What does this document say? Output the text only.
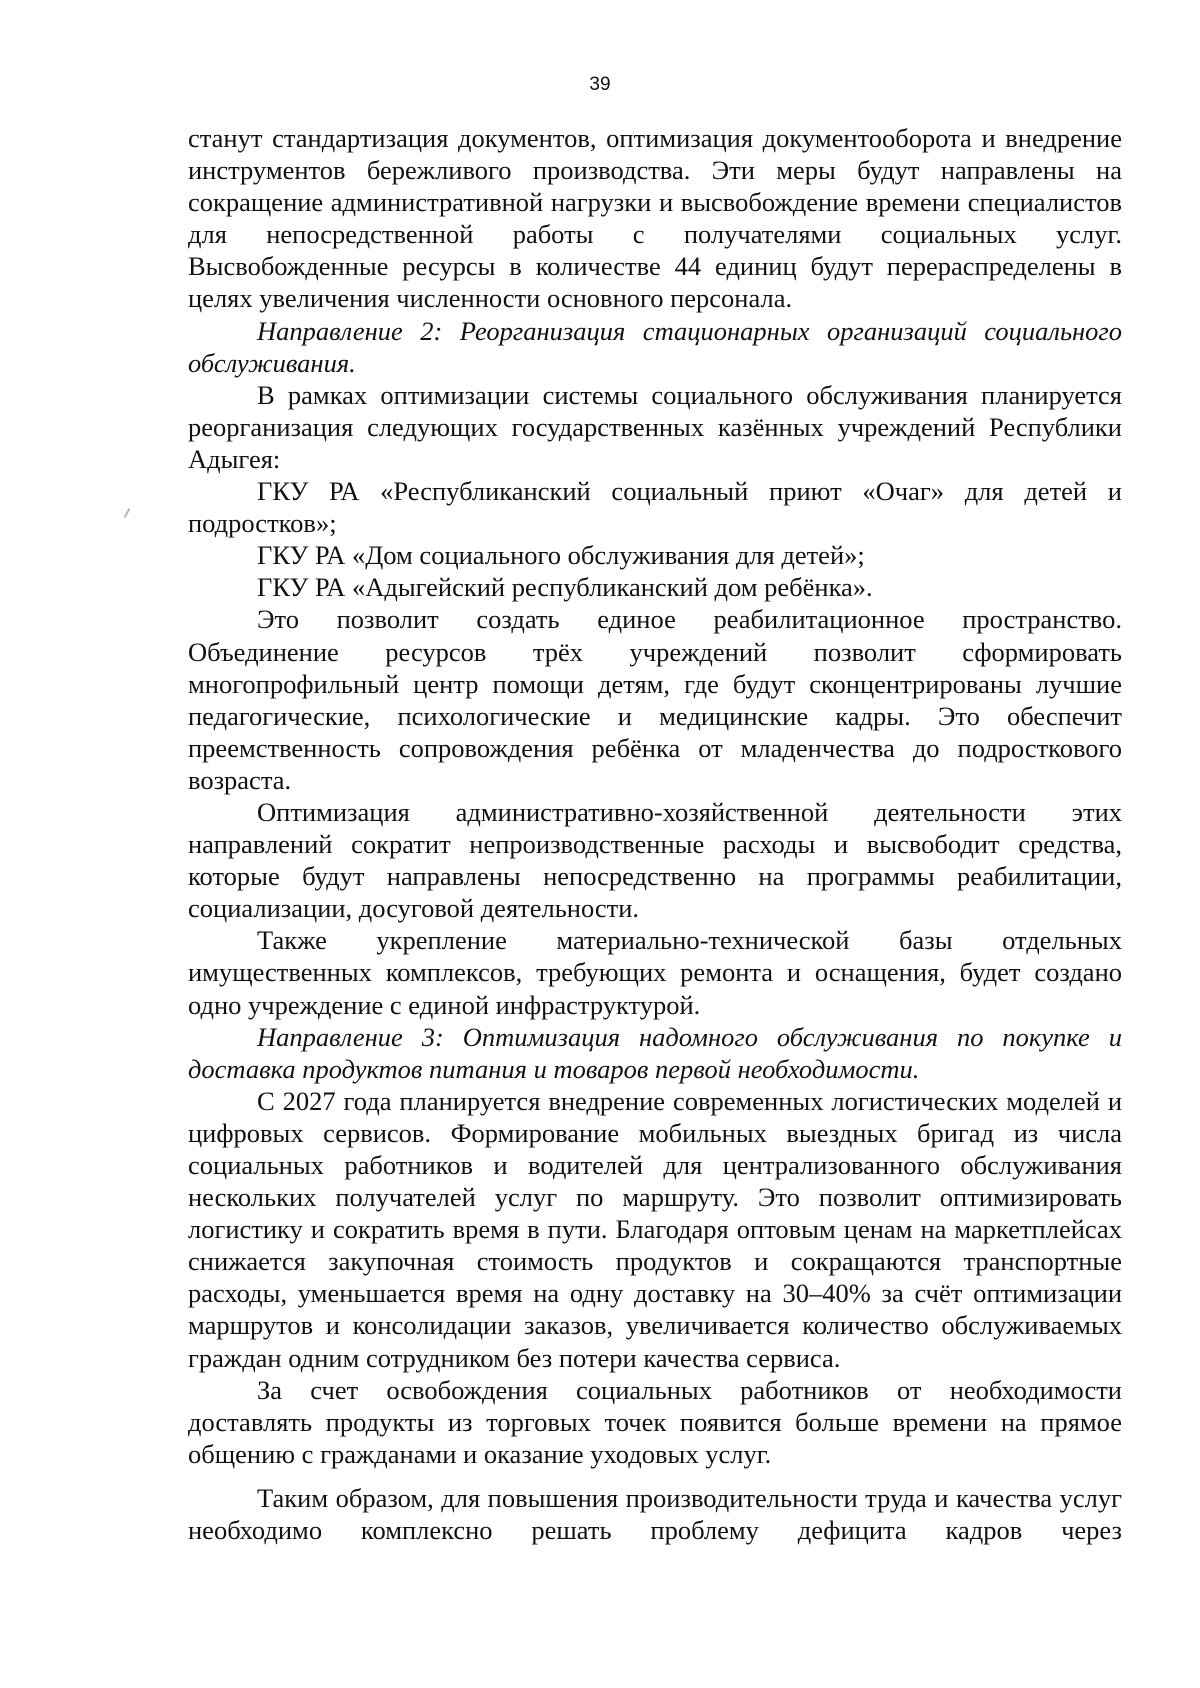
39

станут стандартизация документов, оптимизация документооборота и внедрение инструментов бережливого производства. Эти меры будут направлены на сокращение административной нагрузки и высвобождение времени специалистов для непосредственной работы с получателями социальных услуг. Высвобожденные ресурсы в количестве 44 единиц будут перераспределены в целях увеличения численности основного персонала.

Направление 2: Реорганизация стационарных организаций социального обслуживания.

В рамках оптимизации системы социального обслуживания планируется реорганизация следующих государственных казённых учреждений Республики Адыгея:

ГКУ РА «Республиканский социальный приют «Очаг» для детей и подростков»;

ГКУ РА «Дом социального обслуживания для детей»;

ГКУ РА «Адыгейский республиканский дом ребёнка».

Это позволит создать единое реабилитационное пространство. Объединение ресурсов трёх учреждений позволит сформировать многопрофильный центр помощи детям, где будут сконцентрированы лучшие педагогические, психологические и медицинские кадры. Это обеспечит преемственность сопровождения ребёнка от младенчества до подросткового возраста.

Оптимизация административно-хозяйственной деятельности этих направлений сократит непроизводственные расходы и высвободит средства, которые будут направлены непосредственно на программы реабилитации, социализации, досуговой деятельности.

Также укрепление материально-технической базы отдельных имущественных комплексов, требующих ремонта и оснащения, будет создано одно учреждение с единой инфраструктурой.

Направление 3: Оптимизация надомного обслуживания по покупке и доставка продуктов питания и товаров первой необходимости.

С 2027 года планируется внедрение современных логистических моделей и цифровых сервисов. Формирование мобильных выездных бригад из числа социальных работников и водителей для централизованного обслуживания нескольких получателей услуг по маршруту. Это позволит оптимизировать логистику и сократить время в пути. Благодаря оптовым ценам на маркетплейсах снижается закупочная стоимость продуктов и сокращаются транспортные расходы, уменьшается время на одну доставку на 30–40% за счёт оптимизации маршрутов и консолидации заказов, увеличивается количество обслуживаемых граждан одним сотрудником без потери качества сервиса.

За счет освобождения социальных работников от необходимости доставлять продукты из торговых точек появится больше времени на прямое общению с гражданами и оказание уходовых услуг.

Таким образом, для повышения производительности труда и качества услуг необходимо комплексно решать проблему дефицита кадров через
